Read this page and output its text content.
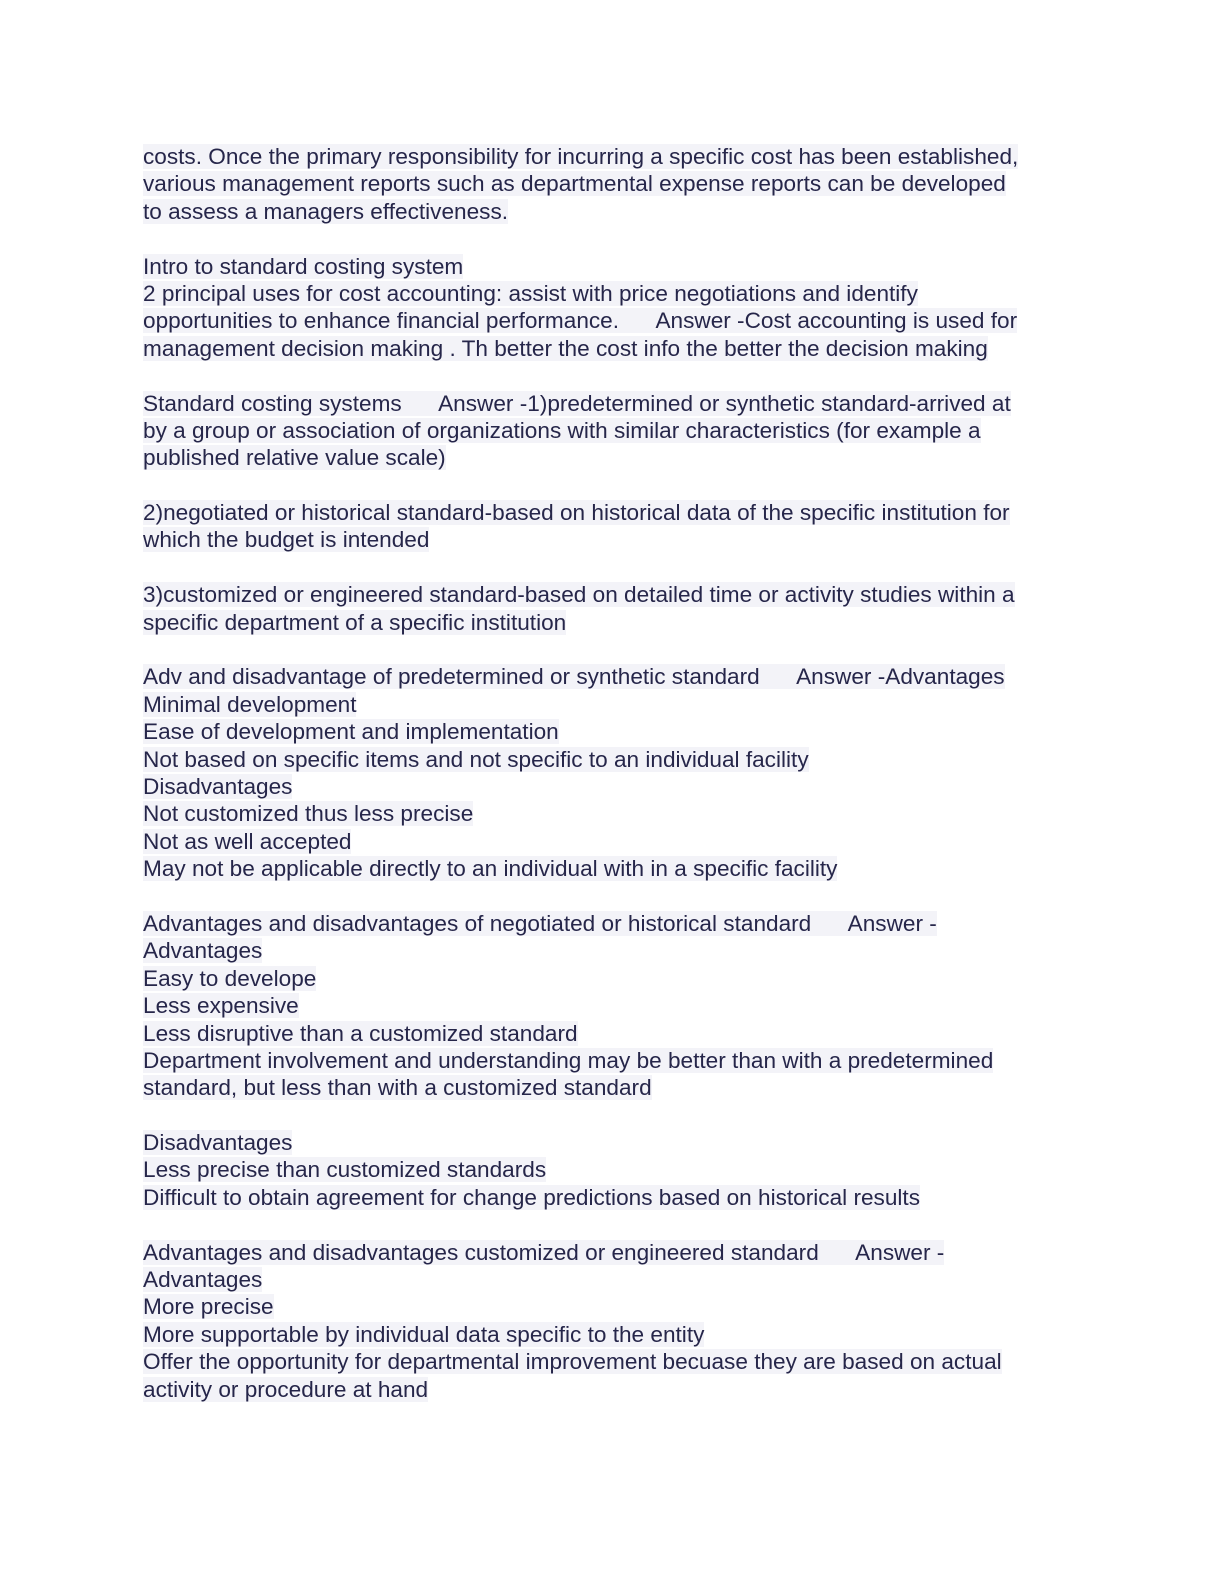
costs. Once the primary responsibility for incurring a specific cost has been established,
various management reports such as departmental expense reports can be developed
to assess a managers effectiveness.
Intro to standard costing system
2 principal uses for cost accounting: assist with price negotiations and identify
opportunities to enhance financial performance.      Answer -Cost accounting is used for
management decision making . Th better the cost info the better the decision making
Standard costing systems      Answer -1)predetermined or synthetic standard-arrived at
by a group or association of organizations with similar characteristics (for example a
published relative value scale)
2)negotiated or historical standard-based on historical data of the specific institution for
which the budget is intended
3)customized or engineered standard-based on detailed time or activity studies within a
specific department of a specific institution
Adv and disadvantage of predetermined or synthetic standard      Answer -Advantages
Minimal development
Ease of development and implementation
Not based on specific items and not specific to an individual facility
Disadvantages
Not customized thus less precise
Not as well accepted
May not be applicable directly to an individual with in a specific facility
Advantages and disadvantages of negotiated or historical standard      Answer -
Advantages
Easy to develope
Less expensive
Less disruptive than a customized standard
Department involvement and understanding may be better than with a predetermined
standard, but less than with a customized standard
Disadvantages
Less precise than customized standards
Difficult to obtain agreement for change predictions based on historical results
Advantages and disadvantages customized or engineered standard      Answer -
Advantages
More precise
More supportable by individual data specific to the entity
Offer the opportunity for departmental improvement becuase they are based on actual
activity or procedure at hand
